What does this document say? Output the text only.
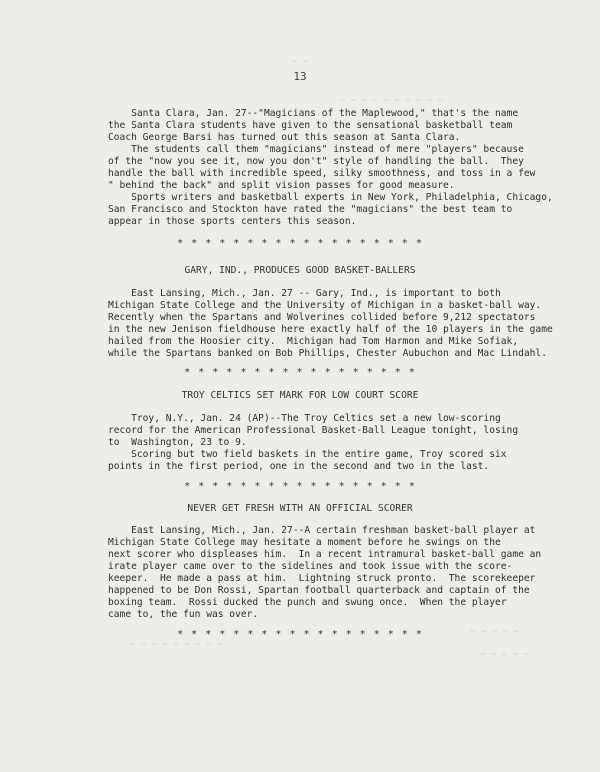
13
~ ~
~ ~ ~ ~ ~ ~ ~ ~ ~ ~
~ ~ ~ ~ ~
~ ~ ~ ~ ~
~ ~ ~ ~ ~ ~ ~ ~ ~
Santa Clara, Jan. 27--"Magicians of the Maplewood," that's the name
the Santa Clara students have given to the sensational basketball team
Coach George Barsi has turned out this season at Santa Clara.
The students call them "magicians" instead of mere "players" because
of the "now you see it, now you don't" style of handling the ball.  They
handle the ball with incredible speed, silky smoothness, and toss in a few
" behind the back" and split vision passes for good measure.
Sports writers and basketball experts in New York, Philadelphia, Chicago,
San Francisco and Stockton have rated the "magicians" the best team to
appear in those sports centers this season.
* * * * * * * * * * * * * * * * * *
GARY, IND., PRODUCES GOOD BASKET-BALLERS
East Lansing, Mich., Jan. 27 -- Gary, Ind., is important to both
Michigan State College and the University of Michigan in a basket-ball way.
Recently when the Spartans and Wolverines collided before 9,212 spectators
in the new Jenison fieldhouse here exactly half of the 10 players in the game
hailed from the Hoosier city.  Michigan had Tom Harmon and Mike Sofiak,
while the Spartans banked on Bob Phillips, Chester Aubuchon and Mac Lindahl.
* * * * * * * * * * * * * * * * *
TROY CELTICS SET MARK FOR LOW COURT SCORE
Troy, N.Y., Jan. 24 (AP)--The Troy Celtics set a new low-scoring
record for the American Professional Basket-Ball League tonight, losing
to  Washington, 23 to 9.
Scoring but two field baskets in the entire game, Troy scored six
points in the first period, one in the second and two in the last.
* * * * * * * * * * * * * * * * *
NEVER GET FRESH WITH AN OFFICIAL SCORER
East Lansing, Mich., Jan. 27--A certain freshman basket-ball player at
Michigan State College may hesitate a moment before he swings on the
next scorer who displeases him.  In a recent intramural basket-ball game an
irate player came over to the sidelines and took issue with the score-
keeper.  He made a pass at him.  Lightning struck pronto.  The scorekeeper
happened to be Don Rossi, Spartan football quarterback and captain of the
boxing team.  Rossi ducked the punch and swung once.  When the player
came to, the fun was over.
* * * * * * * * * * * * * * * * * *
